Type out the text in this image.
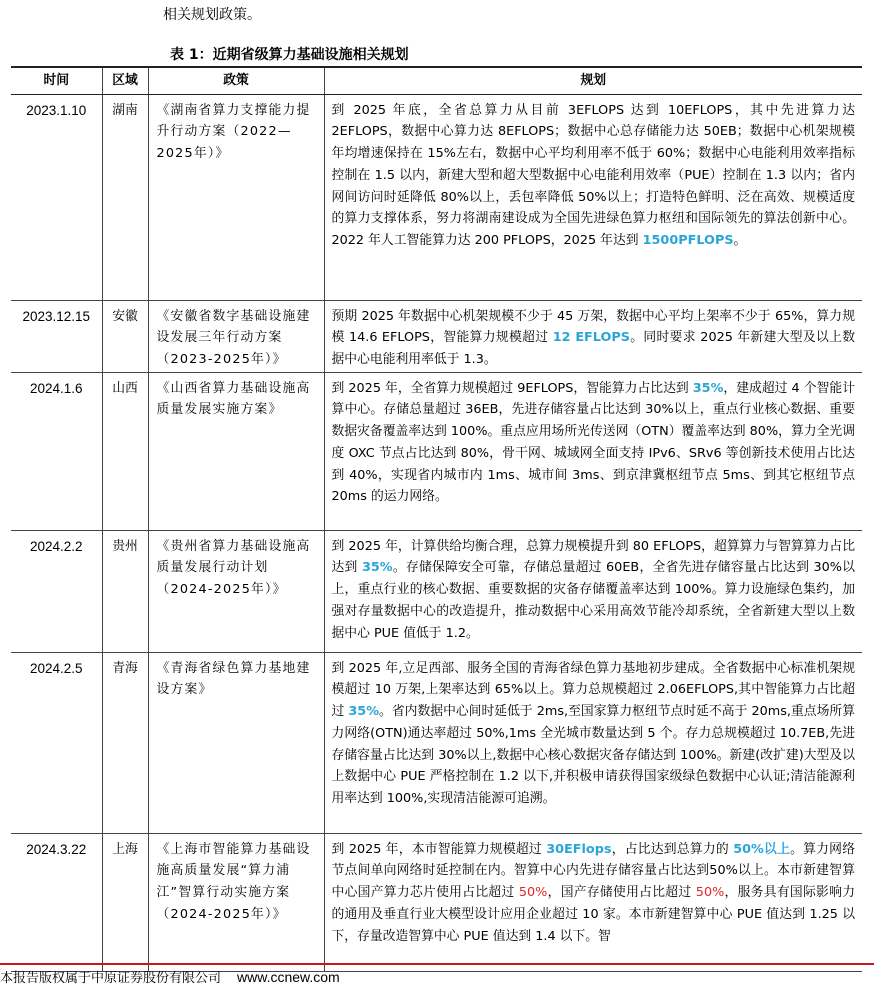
相关规划政策。
表 1：近期省级算力基础设施相关规划
时间	区域	政策	规划
2023.1.10	湖南	《湖南省算力支撑能力提升行动方案（2022—2025年）》	到 2025 年底，全省总算力从目前 3EFLOPS 达到 10EFLOPS，其中先进算力达 2EFLOPS，数据中心算力达 8EFLOPS；数据中心总存储能力达 50EB；数据中心机架规模年均增速保持在 15%左右，数据中心平均利用率不低于 60%；数据中心电能利用效率指标控制在 1.5 以内，新建大型和超大型数据中心电能利用效率（PUE）控制在 1.3 以内；省内网间访问时延降低 80%以上，丢包率降低 50%以上；打造特色鲜明、泛在高效、规模适度的算力支撑体系，努力将湖南建设成为全国先进绿色算力枢纽和国际领先的算法创新中心。2022 年人工智能算力达 200 PFLOPS，2025 年达到 1500PFLOPS。
2023.12.15	安徽	《安徽省数字基础设施建设发展三年行动方案（2023-2025年）》	预期 2025 年数据中心机架规模不少于 45 万架，数据中心平均上架率不少于 65%，算力规模 14.6 EFLOPS，智能算力规模超过 12 EFLOPS。同时要求 2025 年新建大型及以上数据中心电能利用率低于 1.3。
2024.1.6	山西	《山西省算力基础设施高质量发展实施方案》	到 2025 年，全省算力规模超过 9EFLOPS，智能算力占比达到 35%，建成超过 4 个智能计算中心。存储总量超过 36EB，先进存储容量占比达到 30%以上，重点行业核心数据、重要数据灾备覆盖率达到 100%。重点应用场所光传送网（OTN）覆盖率达到 80%，算力全光调度 OXC 节点占比达到 80%，骨干网、城域网全面支持 IPv6、SRv6 等创新技术使用占比达到 40%，实现省内城市内 1ms、城市间 3ms、到京津冀枢纽节点 5ms、到其它枢纽节点 20ms 的运力网络。
2024.2.2	贵州	《贵州省算力基础设施高质量发展行动计划（2024-2025年）》	到 2025 年，计算供给均衡合理，总算力规模提升到 80 EFLOPS，超算算力与智算算力占比达到 35%。存储保障安全可靠，存储总量超过 60EB，全省先进存储容量占比达到 30%以上，重点行业的核心数据、重要数据的灾备存储覆盖率达到 100%。算力设施绿色集约，加强对存量数据中心的改造提升，推动数据中心采用高效节能冷却系统，全省新建大型以上数据中心 PUE 值低于 1.2。
2024.2.5	青海	《青海省绿色算力基地建设方案》	到 2025 年,立足西部、服务全国的青海省绿色算力基地初步建成。全省数据中心标准机架规模超过 10 万架,上架率达到 65%以上。算力总规模超过 2.06EFLOPS,其中智能算力占比超过 35%。省内数据中心间时延低于 2ms,至国家算力枢纽节点时延不高于 20ms,重点场所算力网络(OTN)通达率超过 50%,1ms 全光城市数量达到 5 个。存力总规模超过 10.7EB,先进存储容量占比达到 30%以上,数据中心核心数据灾备存储达到 100%。新建(改扩建)大型及以上数据中心 PUE 严格控制在 1.2 以下,并积极申请获得国家级绿色数据中心认证;清洁能源利用率达到 100%,实现清洁能源可追溯。
2024.3.22	上海	《上海市智能算力基础设施高质量发展“算力浦江”智算行动实施方案（2024-2025年）》	到 2025 年，本市智能算力规模超过 30EFlops，占比达到总算力的 50%以上。算力网络节点间单向网络时延控制在内。智算中心内先进存储容量占比达到50%以上。本市新建智算中心国产算力芯片使用占比超过 50%，国产存储使用占比超过 50%，服务具有国际影响力的通用及垂直行业大模型设计应用企业超过 10 家。本市新建智算中心 PUE 值达到 1.25 以下，存量改造智算中心 PUE 值达到 1.4 以下。智
本报告版权属于中原证券股份有限公司 www.ccnew.com
